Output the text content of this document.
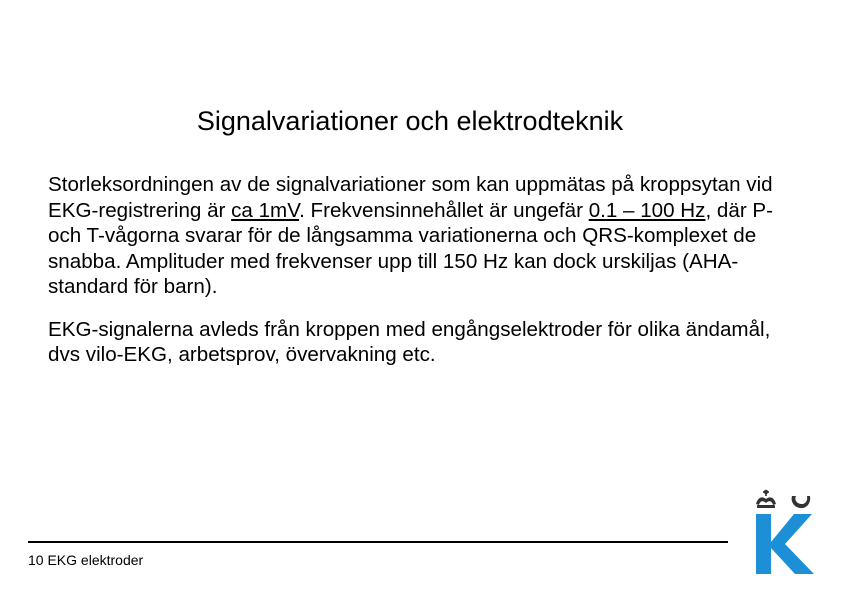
Signalvariationer och elektrodteknik

Storleksordningen av de signalvariationer som kan uppmätas på kroppsytan vid EKG-registrering är ca 1mV. Frekvensinnehållet är ungefär 0.1 – 100 Hz, där P- och T-vågorna svarar för de långsamma variationerna och QRS-komplexet de snabba. Amplituder med frekvenser upp till 150 Hz kan dock urskiljas (AHA-standard för barn).

EKG-signalerna avleds från kroppen med engångselektroder för olika ändamål, dvs vilo-EKG, arbetsprov, övervakning etc.

10 EKG elektroder
